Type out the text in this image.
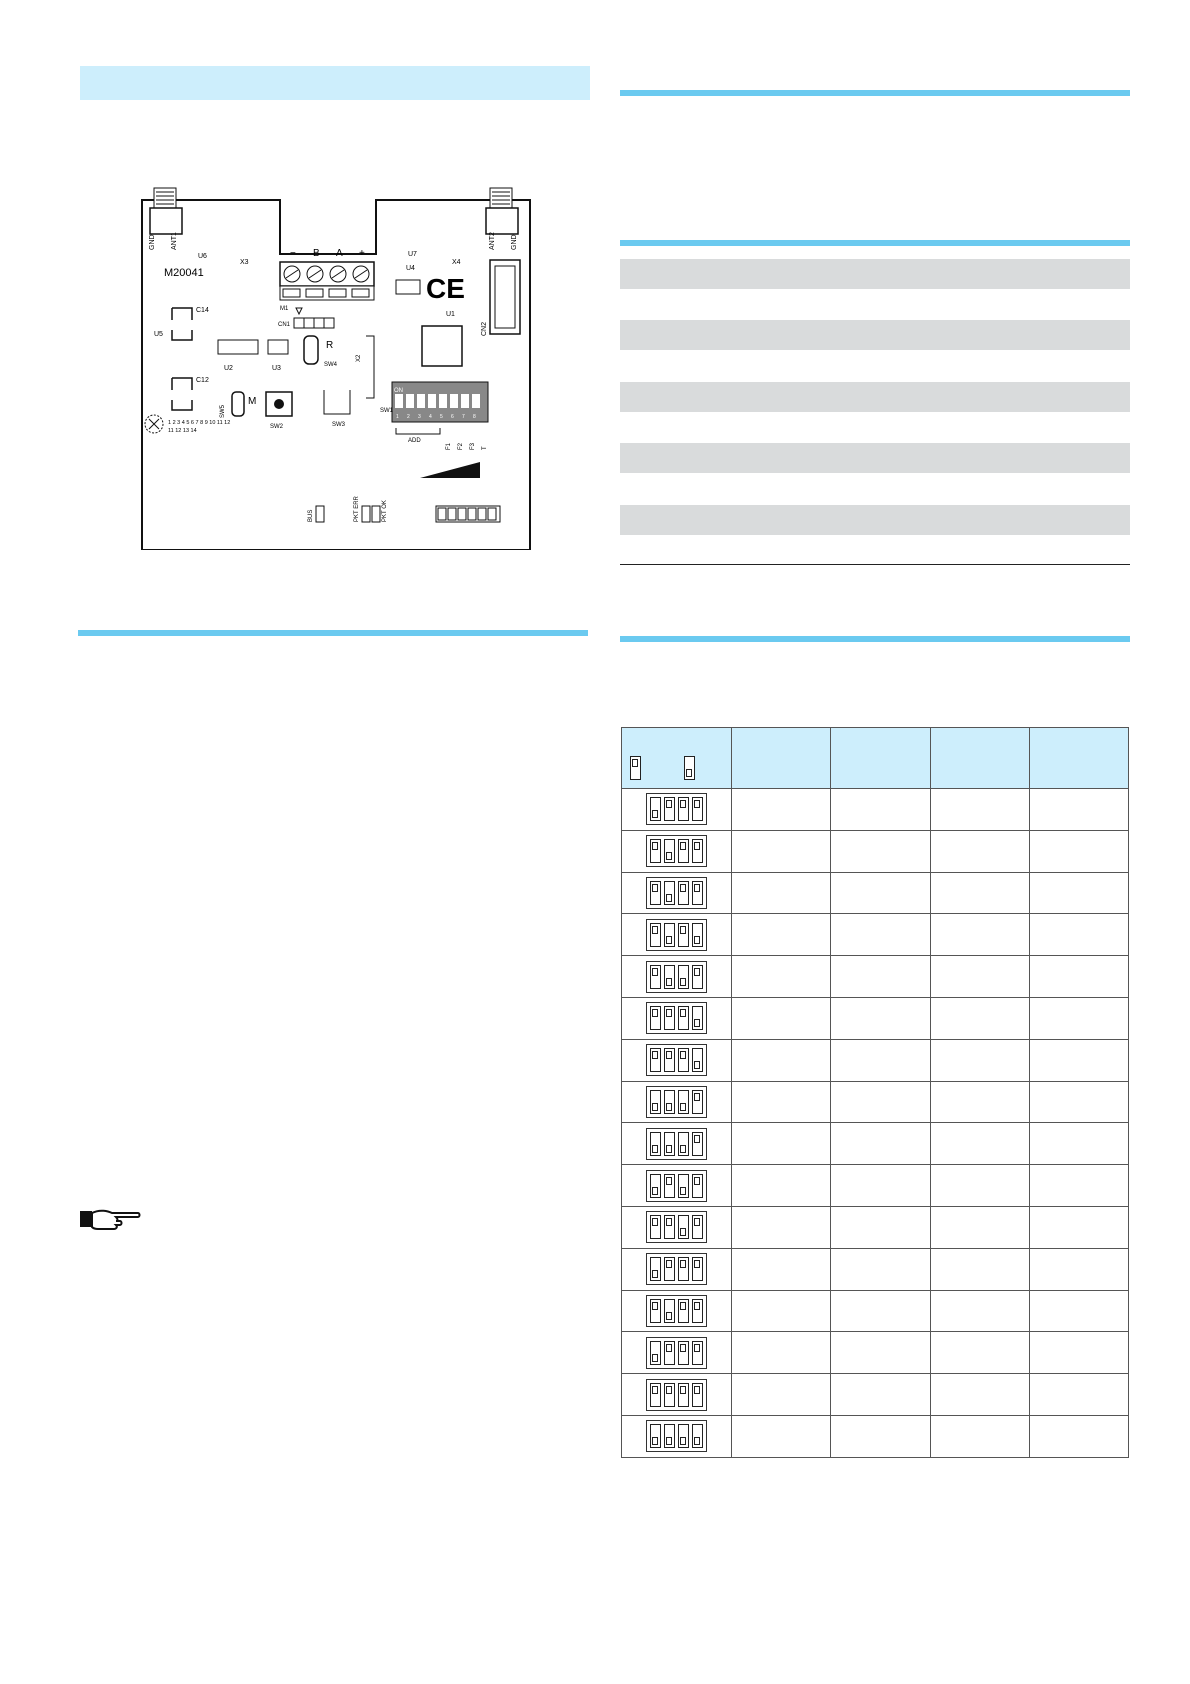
GND ANT1	ANT2 GND
U6
M20041
X3
U7
U4
X4
− B A +
M1
CE
CN2
U1
CN1
C14
U5
U2	U3
C12
R
SW4
X2
M
SW5
SW2	SW3
ON
SW1
1 2 3 4 5 6 7 8
ADD
F1 F2 F3 T
1 2 3 4 5 6 7 8 9 10 11 12
11 12 13 14
BUS	PKT ERR	PKT OK
